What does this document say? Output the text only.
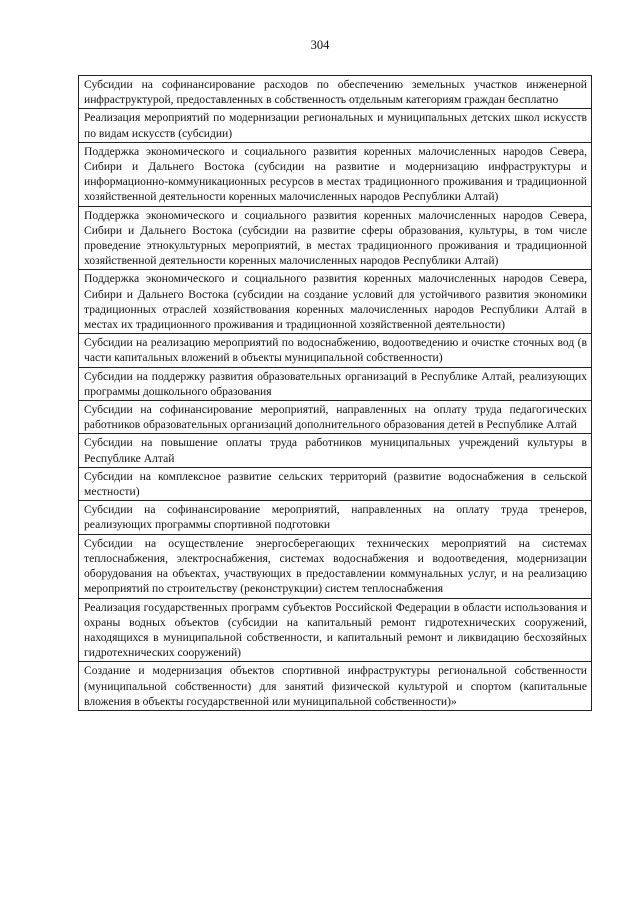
304
Субсидии на софинансирование расходов по обеспечению земельных участков инженерной инфраструктурой, предоставленных в собственность отдельным категориям граждан бесплатно
Реализация мероприятий по модернизации региональных и муниципальных детских школ искусств по видам искусств (субсидии)
Поддержка экономического и социального развития коренных малочисленных народов Севера, Сибири и Дальнего Востока (субсидии на развитие и модернизацию инфраструктуры и информационно-коммуникационных ресурсов в местах традиционного проживания и традиционной хозяйственной деятельности коренных малочисленных народов Республики Алтай)
Поддержка экономического и социального развития коренных малочисленных народов Севера, Сибири и Дальнего Востока (субсидии на развитие сферы образования, культуры, в том числе проведение этнокультурных мероприятий, в местах традиционного проживания и традиционной хозяйственной деятельности коренных малочисленных народов Республики Алтай)
Поддержка экономического и социального развития коренных малочисленных народов Севера, Сибири и Дальнего Востока (субсидии на создание условий для устойчивого развития экономики традиционных отраслей хозяйствования коренных малочисленных народов Республики Алтай в местах их традиционного проживания и традиционной хозяйственной деятельности)
Субсидии на реализацию мероприятий по водоснабжению, водоотведению и очистке сточных вод (в части капитальных вложений в объекты муниципальной собственности)
Субсидии на поддержку развития образовательных организаций в Республике Алтай, реализующих программы дошкольного образования
Субсидии на софинансирование мероприятий, направленных на оплату труда педагогических работников образовательных организаций дополнительного образования детей в Республике Алтай
Субсидии на повышение оплаты труда работников муниципальных учреждений культуры в Республике Алтай
Субсидии на комплексное развитие сельских территорий (развитие водоснабжения в сельской местности)
Субсидии на софинансирование мероприятий, направленных на оплату труда тренеров, реализующих программы спортивной подготовки
Субсидии на осуществление энергосберегающих технических мероприятий на системах теплоснабжения, электроснабжения, системах водоснабжения и водоотведения, модернизации оборудования на объектах, участвующих в предоставлении коммунальных услуг, и на реализацию мероприятий по строительству (реконструкции) систем теплоснабжения
Реализация государственных программ субъектов Российской Федерации в области использования и охраны водных объектов (субсидии на капитальный ремонт гидротехнических сооружений, находящихся в муниципальной собственности, и капитальный ремонт и ликвидацию бесхозяйных гидротехнических сооружений)
Создание и модернизация объектов спортивной инфраструктуры региональной собственности (муниципальной собственности) для занятий физической культурой и спортом (капитальные вложения в объекты государственной или муниципальной собственности)»
